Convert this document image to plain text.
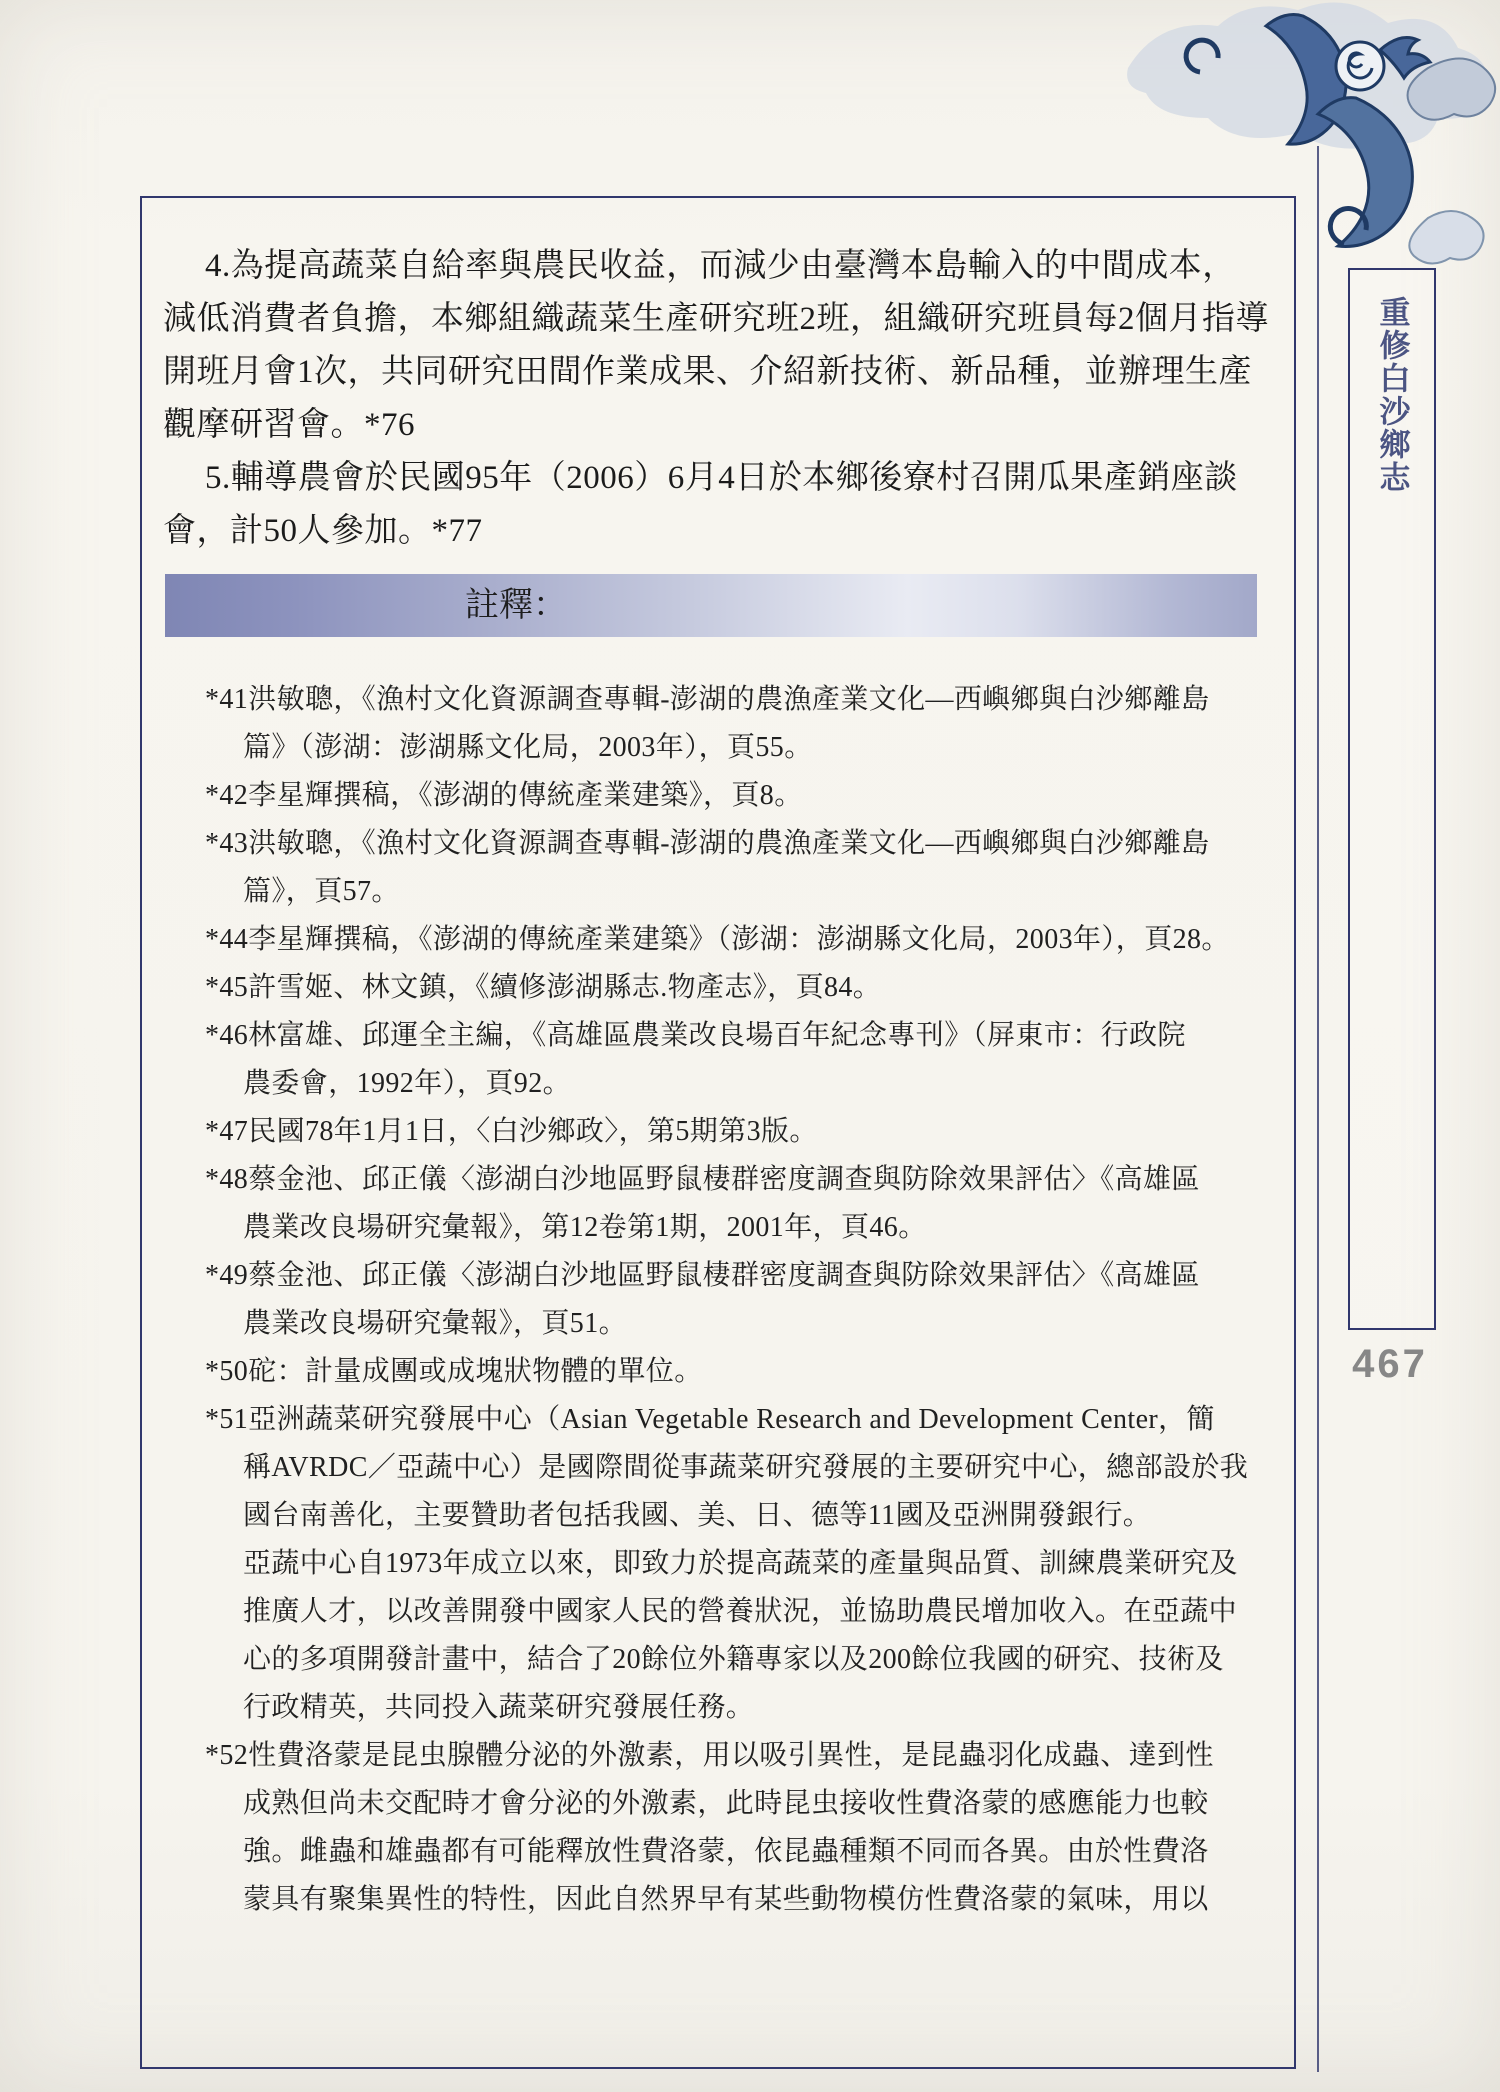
4.為提高蔬菜自給率與農民收益，而減少由臺灣本島輸入的中間成本，
減低消費者負擔，本鄉組織蔬菜生產研究班2班，組織研究班員每2個月指導
開班月會1次，共同研究田間作業成果、介紹新技術、新品種，並辦理生產
觀摩研習會。*76
5.輔導農會於民國95年（2006）6月4日於本鄉後寮村召開瓜果產銷座談
會，計50人參加。*77
註釋：
*41洪敏聰，《漁村文化資源調查專輯-澎湖的農漁產業文化—西嶼鄉與白沙鄉離島
篇》（澎湖：澎湖縣文化局，2003年），頁55。
*42李星輝撰稿，《澎湖的傳統產業建築》，頁8。
*43洪敏聰，《漁村文化資源調查專輯-澎湖的農漁產業文化—西嶼鄉與白沙鄉離島
篇》，頁57。
*44李星輝撰稿，《澎湖的傳統產業建築》（澎湖：澎湖縣文化局，2003年），頁28。
*45許雪姬、林文鎮，《續修澎湖縣志.物產志》，頁84。
*46林富雄、邱運全主編，《高雄區農業改良場百年紀念專刊》（屏東市：行政院
農委會，1992年），頁92。
*47民國78年1月1日，〈白沙鄉政〉，第5期第3版。
*48蔡金池、邱正儀〈澎湖白沙地區野鼠棲群密度調查與防除效果評估〉《高雄區
農業改良場研究彙報》，第12卷第1期，2001年，頁46。
*49蔡金池、邱正儀〈澎湖白沙地區野鼠棲群密度調查與防除效果評估〉《高雄區
農業改良場研究彙報》，頁51。
*50砣：計量成團或成塊狀物體的單位。
*51亞洲蔬菜研究發展中心（Asian Vegetable Research and Development Center，簡
稱AVRDC／亞蔬中心）是國際間從事蔬菜研究發展的主要研究中心，總部設於我
國台南善化，主要贊助者包括我國、美、日、德等11國及亞洲開發銀行。
亞蔬中心自1973年成立以來，即致力於提高蔬菜的產量與品質、訓練農業研究及
推廣人才，以改善開發中國家人民的營養狀況，並協助農民增加收入。在亞蔬中
心的多項開發計畫中，結合了20餘位外籍專家以及200餘位我國的研究、技術及
行政精英，共同投入蔬菜研究發展任務。
*52性費洛蒙是昆虫腺體分泌的外激素，用以吸引異性，是昆蟲羽化成蟲、達到性
成熟但尚未交配時才會分泌的外激素，此時昆虫接收性費洛蒙的感應能力也較
強。雌蟲和雄蟲都有可能釋放性費洛蒙，依昆蟲種類不同而各異。由於性費洛
蒙具有聚集異性的特性，因此自然界早有某些動物模仿性費洛蒙的氣味，用以
重修白沙鄉志
467
